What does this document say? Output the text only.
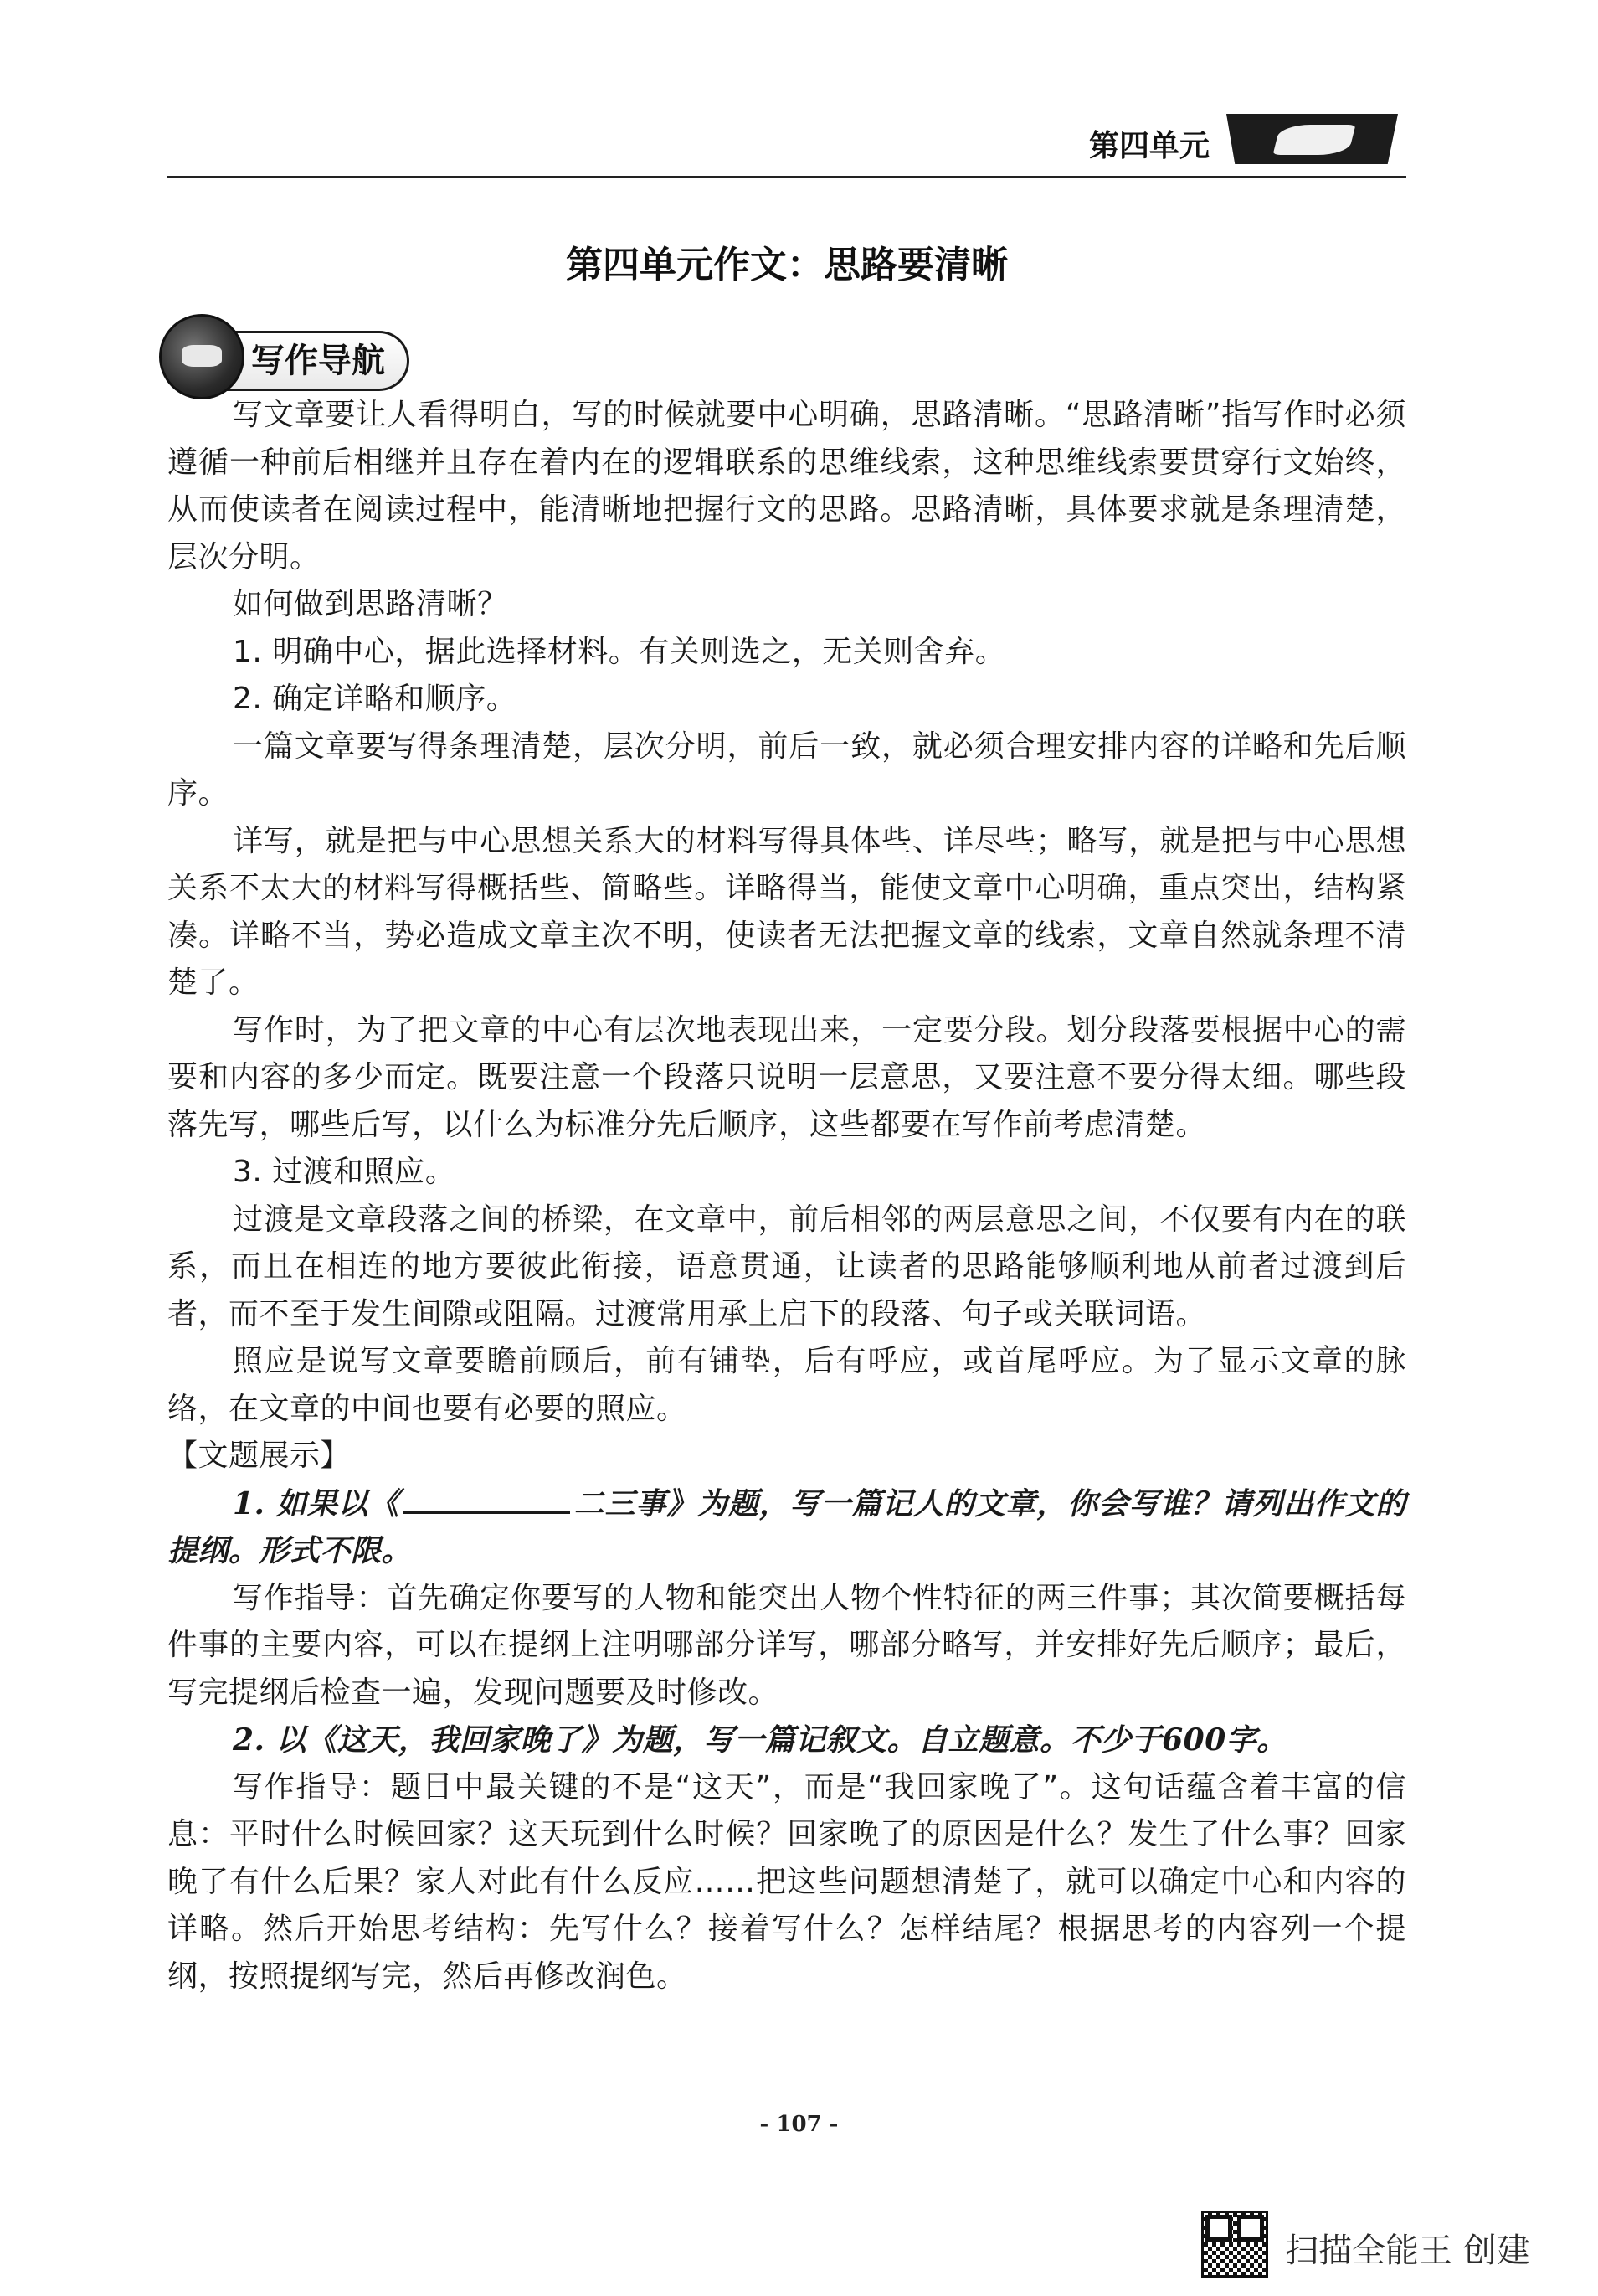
第四单元
第四单元作文：思路要清晰
写作导航

写文章要让人看得明白，写的时候就要中心明确，思路清晰。“思路清晰”指写作时必须遵循一种前后相继并且存在着内在的逻辑联系的思维线索，这种思维线索要贯穿行文始终，从而使读者在阅读过程中，能清晰地把握行文的思路。思路清晰，具体要求就是条理清楚，层次分明。

如何做到思路清晰？

1. 明确中心，据此选择材料。有关则选之，无关则舍弃。

2. 确定详略和顺序。

一篇文章要写得条理清楚，层次分明，前后一致，就必须合理安排内容的详略和先后顺序。

详写，就是把与中心思想关系大的材料写得具体些、详尽些；略写，就是把与中心思想关系不太大的材料写得概括些、简略些。详略得当，能使文章中心明确，重点突出，结构紧凑。详略不当，势必造成文章主次不明，使读者无法把握文章的线索，文章自然就条理不清楚了。

写作时，为了把文章的中心有层次地表现出来，一定要分段。划分段落要根据中心的需要和内容的多少而定。既要注意一个段落只说明一层意思，又要注意不要分得太细。哪些段落先写，哪些后写，以什么为标准分先后顺序，这些都要在写作前考虑清楚。

3. 过渡和照应。

过渡是文章段落之间的桥梁，在文章中，前后相邻的两层意思之间，不仅要有内在的联系，而且在相连的地方要彼此衔接，语意贯通，让读者的思路能够顺利地从前者过渡到后者，而不至于发生间隙或阻隔。过渡常用承上启下的段落、句子或关联词语。

照应是说写文章要瞻前顾后，前有铺垫，后有呼应，或首尾呼应。为了显示文章的脉络，在文章的中间也要有必要的照应。

【文题展示】

1. 如果以《	二三事》为题，写一篇记人的文章，你会写谁？请列出作文的提纲。形式不限。

写作指导：首先确定你要写的人物和能突出人物个性特征的两三件事；其次简要概括每件事的主要内容，可以在提纲上注明哪部分详写，哪部分略写，并安排好先后顺序；最后，写完提纲后检查一遍，发现问题要及时修改。

2. 以《这天，我回家晚了》为题，写一篇记叙文。自立题意。不少于600字。

写作指导：题目中最关键的不是“这天”，而是“我回家晚了”。这句话蕴含着丰富的信息：平时什么时候回家？这天玩到什么时候？回家晚了的原因是什么？发生了什么事？回家晚了有什么后果？家人对此有什么反应……把这些问题想清楚了，就可以确定中心和内容的详略。然后开始思考结构：先写什么？接着写什么？怎样结尾？根据思考的内容列一个提纲，按照提纲写完，然后再修改润色。

- 107 -
扫描全能王 创建
